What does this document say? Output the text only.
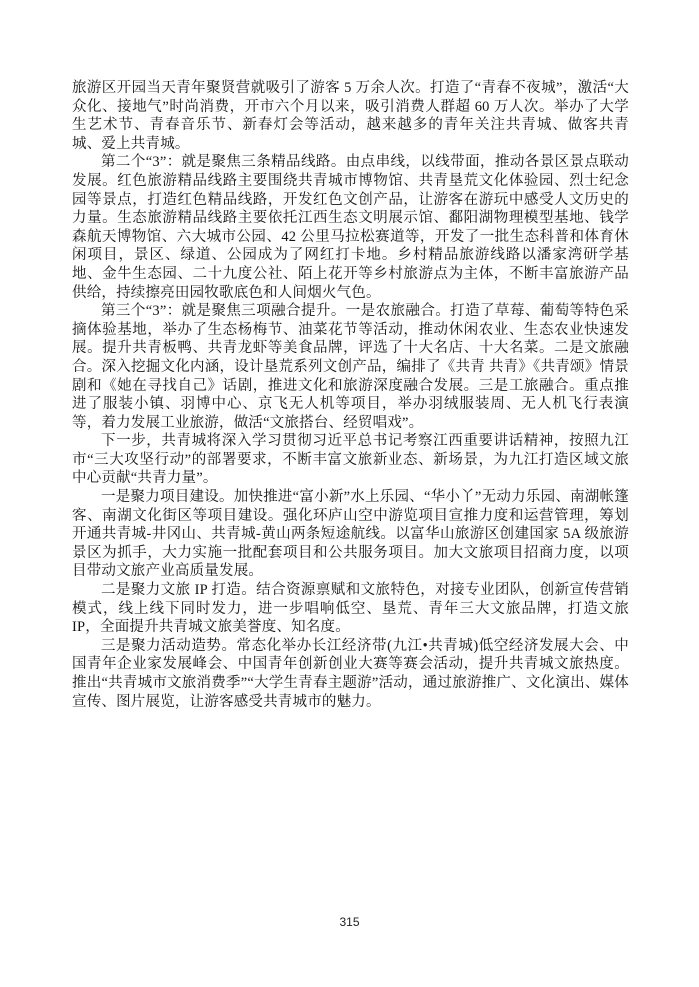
旅游区开园当天青年聚贤营就吸引了游客 5 万余人次。打造了“青春不夜城”，激活“大众化、接地气”时尚消费，开市六个月以来，吸引消费人群超 60 万人次。举办了大学生艺术节、青春音乐节、新春灯会等活动，越来越多的青年关注共青城、做客共青城、爱上共青城。

第二个“3”：就是聚焦三条精品线路。由点串线，以线带面，推动各景区景点联动发展。红色旅游精品线路主要围绕共青城市博物馆、共青垦荒文化体验园、烈士纪念园等景点，打造红色精品线路，开发红色文创产品，让游客在游玩中感受人文历史的力量。生态旅游精品线路主要依托江西生态文明展示馆、鄱阳湖物理模型基地、钱学森航天博物馆、六大城市公园、42 公里马拉松赛道等，开发了一批生态科普和体育休闲项目，景区、绿道、公园成为了网红打卡地。乡村精品旅游线路以潘家湾研学基地、金牛生态园、二十九度公社、陌上花开等乡村旅游点为主体，不断丰富旅游产品供给，持续擦亮田园牧歌底色和人间烟火气色。

第三个“3”：就是聚焦三项融合提升。一是农旅融合。打造了草莓、葡萄等特色采摘体验基地，举办了生态杨梅节、油菜花节等活动，推动休闲农业、生态农业快速发展。提升共青板鸭、共青龙虾等美食品牌，评选了十大名店、十大名菜。二是文旅融合。深入挖掘文化内涵，设计垦荒系列文创产品，编排了《共青 共青》《共青颂》情景剧和《她在寻找自己》话剧，推进文化和旅游深度融合发展。三是工旅融合。重点推进了服装小镇、羽博中心、京飞无人机等项目，举办羽绒服装周、无人机飞行表演等，着力发展工业旅游，做活“文旅搭台、经贸唱戏”。

下一步，共青城将深入学习贯彻习近平总书记考察江西重要讲话精神，按照九江市“三大攻坚行动”的部署要求，不断丰富文旅新业态、新场景，为九江打造区域文旅中心贡献“共青力量”。

一是聚力项目建设。加快推进“富小新”水上乐园、“华小丫”无动力乐园、南湖帐篷客、南湖文化街区等项目建设。强化环庐山空中游览项目宣推力度和运营管理，筹划开通共青城-井冈山、共青城-黄山两条短途航线。以富华山旅游区创建国家 5A 级旅游景区为抓手，大力实施一批配套项目和公共服务项目。加大文旅项目招商力度，以项目带动文旅产业高质量发展。

二是聚力文旅 IP 打造。结合资源禀赋和文旅特色，对接专业团队，创新宣传营销模式，线上线下同时发力，进一步唱响低空、垦荒、青年三大文旅品牌，打造文旅 IP，全面提升共青城文旅美誉度、知名度。

三是聚力活动造势。常态化举办长江经济带(九江•共青城)低空经济发展大会、中国青年企业家发展峰会、中国青年创新创业大赛等赛会活动，提升共青城文旅热度。推出“共青城市文旅消费季”“大学生青春主题游”活动，通过旅游推广、文化演出、媒体宣传、图片展览，让游客感受共青城市的魅力。

315
